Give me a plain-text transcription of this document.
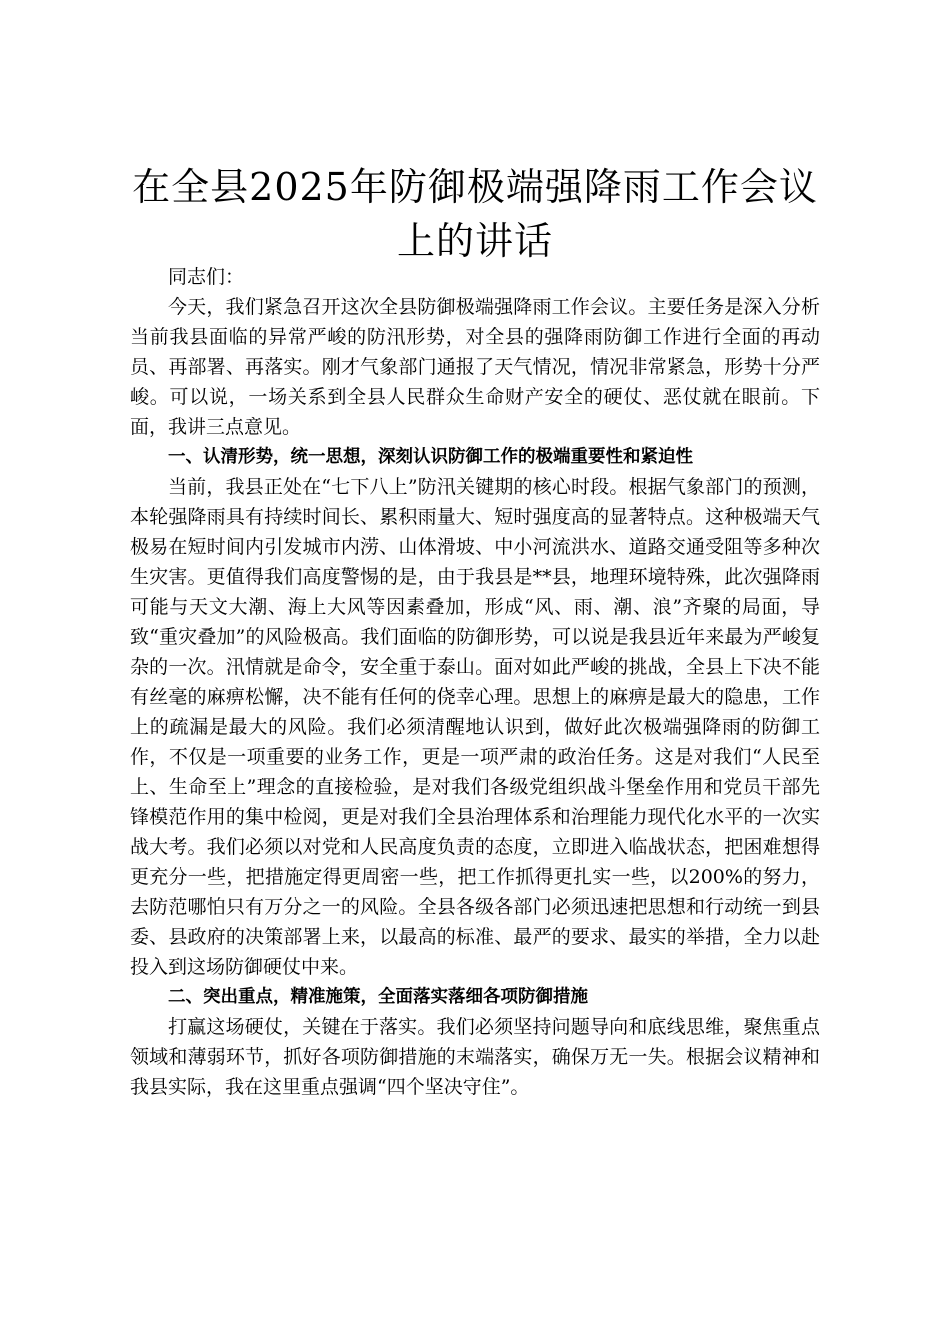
在全县2025年防御极端强降雨工作会议上的讲话

同志们：

今天，我们紧急召开这次全县防御极端强降雨工作会议。主要任务是深入分析当前我县面临的异常严峻的防汛形势，对全县的强降雨防御工作进行全面的再动员、再部署、再落实。刚才气象部门通报了天气情况，情况非常紧急，形势十分严峻。可以说，一场关系到全县人民群众生命财产安全的硬仗、恶仗就在眼前。下面，我讲三点意见。

一、认清形势，统一思想，深刻认识防御工作的极端重要性和紧迫性

当前，我县正处在“七下八上”防汛关键期的核心时段。根据气象部门的预测，本轮强降雨具有持续时间长、累积雨量大、短时强度高的显著特点。这种极端天气极易在短时间内引发城市内涝、山体滑坡、中小河流洪水、道路交通受阻等多种次生灾害。更值得我们高度警惕的是，由于我县是**县，地理环境特殊，此次强降雨可能与天文大潮、海上大风等因素叠加，形成“风、雨、潮、浪”齐聚的局面，导致“重灾叠加”的风险极高。我们面临的防御形势，可以说是我县近年来最为严峻复杂的一次。汛情就是命令，安全重于泰山。面对如此严峻的挑战，全县上下决不能有丝毫的麻痹松懈，决不能有任何的侥幸心理。思想上的麻痹是最大的隐患，工作上的疏漏是最大的风险。我们必须清醒地认识到，做好此次极端强降雨的防御工作，不仅是一项重要的业务工作，更是一项严肃的政治任务。这是对我们“人民至上、生命至上”理念的直接检验，是对我们各级党组织战斗堡垒作用和党员干部先锋模范作用的集中检阅，更是对我们全县治理体系和治理能力现代化水平的一次实战大考。我们必须以对党和人民高度负责的态度，立即进入临战状态，把困难想得更充分一些，把措施定得更周密一些，把工作抓得更扎实一些，以200%的努力，去防范哪怕只有万分之一的风险。全县各级各部门必须迅速把思想和行动统一到县委、县政府的决策部署上来，以最高的标准、最严的要求、最实的举措，全力以赴投入到这场防御硬仗中来。

二、突出重点，精准施策，全面落实落细各项防御措施

打赢这场硬仗，关键在于落实。我们必须坚持问题导向和底线思维，聚焦重点领域和薄弱环节，抓好各项防御措施的末端落实，确保万无一失。根据会议精神和我县实际，我在这里重点强调“四个坚决守住”。
